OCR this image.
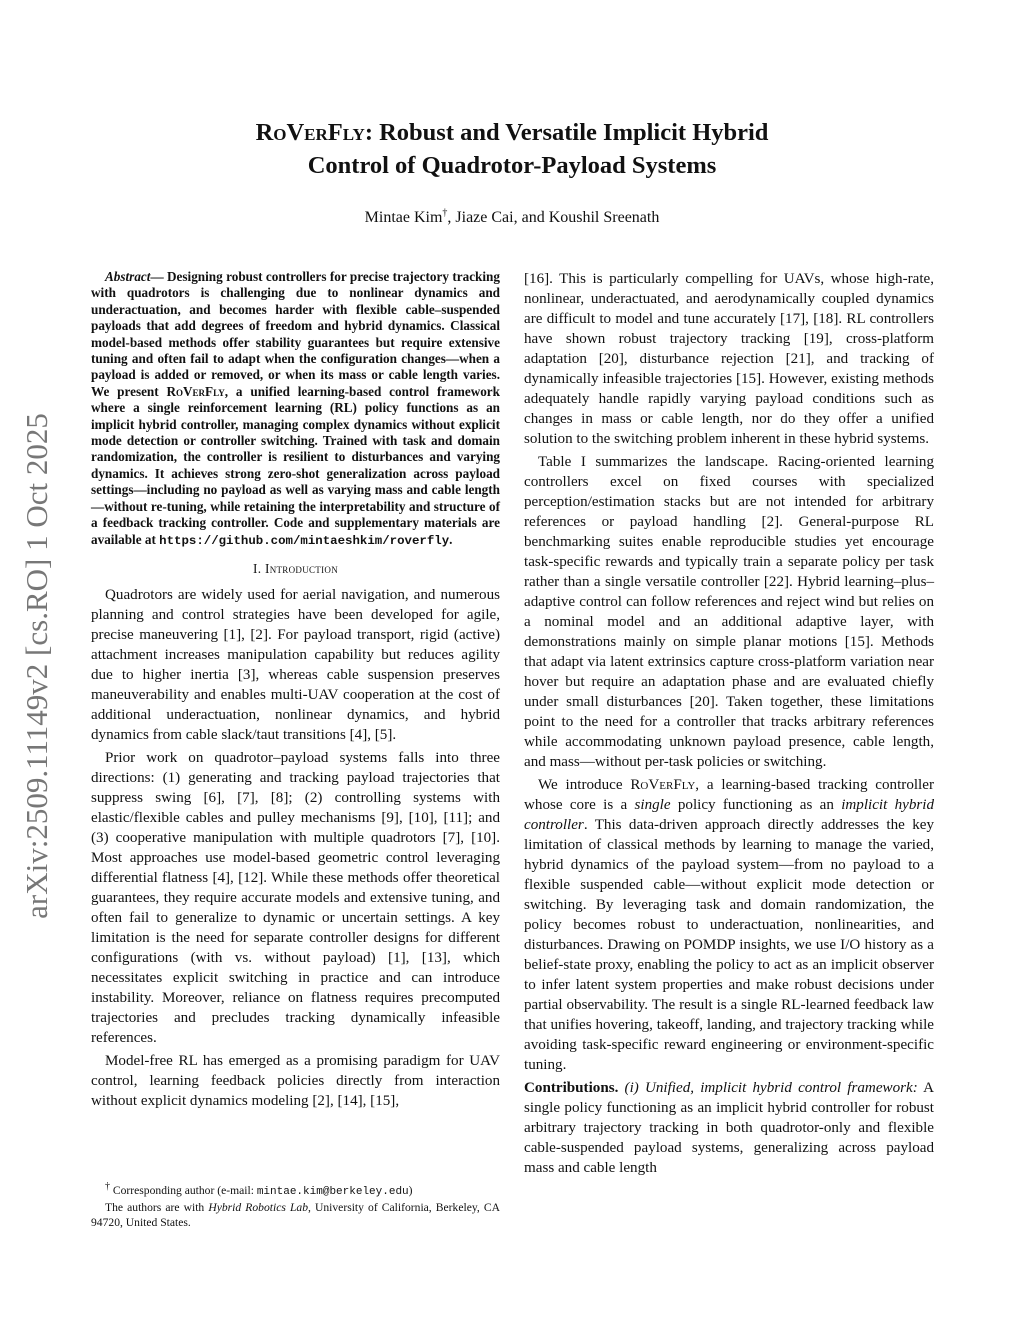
arXiv:2509.11149v2 [cs.RO] 1 Oct 2025
RoVerFly: Robust and Versatile Implicit Hybrid
Control of Quadrotor-Payload Systems
Mintae Kim†, Jiaze Cai, and Koushil Sreenath

Abstract— Designing robust controllers for precise trajectory tracking with quadrotors is challenging due to nonlinear dynamics and underactuation, and becomes harder with flexible cable–suspended payloads that add degrees of freedom and hybrid dynamics. Classical model-based methods offer stability guarantees but require extensive tuning and often fail to adapt when the configuration changes—when a payload is added or removed, or when its mass or cable length varies. We present RoVerFly, a unified learning-based control framework where a single reinforcement learning (RL) policy functions as an implicit hybrid controller, managing complex dynamics without explicit mode detection or controller switching. Trained with task and domain randomization, the controller is resilient to disturbances and varying dynamics. It achieves strong zero-shot generalization across payload settings—including no payload as well as varying mass and cable length—without re-tuning, while retaining the interpretability and structure of a feedback tracking controller. Code and supplementary materials are available at https://github.com/mintaeshkim/roverfly.

I. Introduction

Quadrotors are widely used for aerial navigation, and numerous planning and control strategies have been developed for agile, precise maneuvering [1], [2]. For payload transport, rigid (active) attachment increases manipulation capability but reduces agility due to higher inertia [3], whereas cable suspension preserves maneuverability and enables multi-UAV cooperation at the cost of additional underactuation, nonlinear dynamics, and hybrid dynamics from cable slack/taut transitions [4], [5].

Prior work on quadrotor–payload systems falls into three directions: (1) generating and tracking payload trajectories that suppress swing [6], [7], [8]; (2) controlling systems with elastic/flexible cables and pulley mechanisms [9], [10], [11]; and (3) cooperative manipulation with multiple quadrotors [7], [10]. Most approaches use model-based geometric control leveraging differential flatness [4], [12]. While these methods offer theoretical guarantees, they require accurate models and extensive tuning, and often fail to generalize to dynamic or uncertain settings. A key limitation is the need for separate controller designs for different configurations (with vs. without payload) [1], [13], which necessitates explicit switching in practice and can introduce instability. Moreover, reliance on flatness requires precomputed trajectories and precludes tracking dynamically infeasible references.

Model-free RL has emerged as a promising paradigm for UAV control, learning feedback policies directly from interaction without explicit dynamics modeling [2], [14], [15],

[16]. This is particularly compelling for UAVs, whose high-rate, nonlinear, underactuated, and aerodynamically coupled dynamics are difficult to model and tune accurately [17], [18]. RL controllers have shown robust trajectory tracking [19], cross-platform adaptation [20], disturbance rejection [21], and tracking of dynamically infeasible trajectories [15]. However, existing methods adequately handle rapidly varying payload conditions such as changes in mass or cable length, nor do they offer a unified solution to the switching problem inherent in these hybrid systems.

Table I summarizes the landscape. Racing-oriented learning controllers excel on fixed courses with specialized perception/estimation stacks but are not intended for arbitrary references or payload handling [2]. General-purpose RL benchmarking suites enable reproducible studies yet encourage task-specific rewards and typically train a separate policy per task rather than a single versatile controller [22]. Hybrid learning–plus–adaptive control can follow references and reject wind but relies on a nominal model and an additional adaptive layer, with demonstrations mainly on simple planar motions [15]. Methods that adapt via latent extrinsics capture cross-platform variation near hover but require an adaptation phase and are evaluated chiefly under small disturbances [20]. Taken together, these limitations point to the need for a controller that tracks arbitrary references while accommodating unknown payload presence, cable length, and mass—without per-task policies or switching.

We introduce RoVerFly, a learning-based tracking controller whose core is a single policy functioning as an implicit hybrid controller. This data-driven approach directly addresses the key limitation of classical methods by learning to manage the varied, hybrid dynamics of the payload system—from no payload to a flexible suspended cable—without explicit mode detection or switching. By leveraging task and domain randomization, the policy becomes robust to underactuation, nonlinearities, and disturbances. Drawing on POMDP insights, we use I/O history as a belief-state proxy, enabling the policy to act as an implicit observer to infer latent system properties and make robust decisions under partial observability. The result is a single RL-learned feedback law that unifies hovering, takeoff, landing, and trajectory tracking while avoiding task-specific reward engineering or environment-specific tuning.

Contributions. (i) Unified, implicit hybrid control framework: A single policy functioning as an implicit hybrid controller for robust arbitrary trajectory tracking in both quadrotor-only and flexible cable-suspended payload systems, generalizing across payload mass and cable length

† Corresponding author (e-mail: mintae.kim@berkeley.edu)

The authors are with Hybrid Robotics Lab, University of California, Berkeley, CA 94720, United States.
